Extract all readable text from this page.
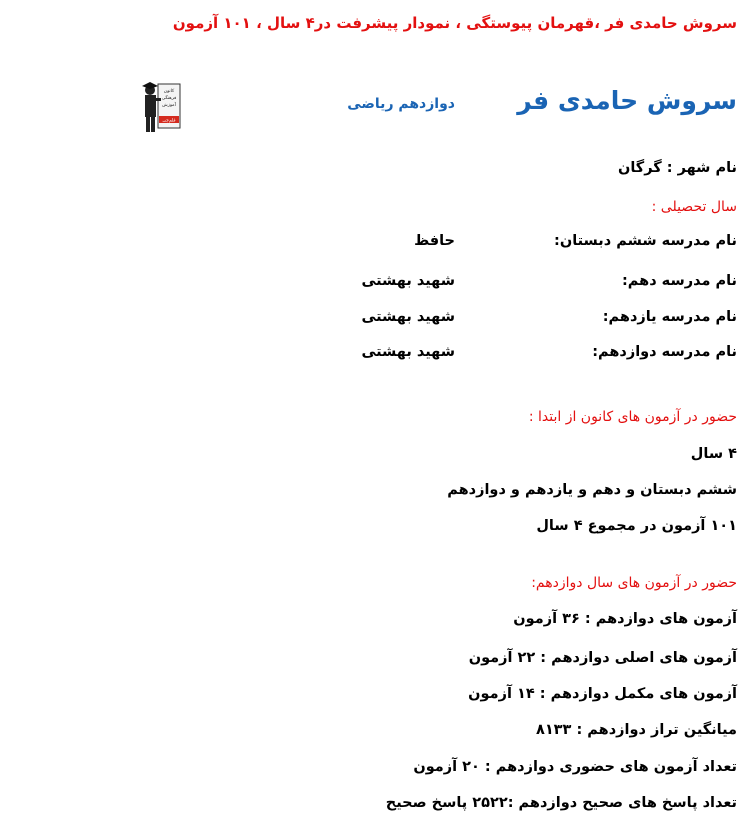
سروش حامدی فر ،قهرمان پیوستگی ، نمودار پیشرفت در۴ سال ، ۱۰۱ آزمون
سروش حامدی فر
دوازدهم ریاضی
کانون
فرهنگی
آموزش
قلم‌چی
نام شهر : گرگان
سال تحصیلی :
نام مدرسه ششم دبستان:
حافظ
نام مدرسه دهم:
شهید بهشتی
نام مدرسه یازدهم:
شهید بهشتی
نام مدرسه دوازدهم:
شهید بهشتی
حضور در آزمون های کانون از ابتدا :
۴ سال
ششم دبستان و دهم و یازدهم و دوازدهم
۱۰۱ آزمون در مجموع ۴ سال
حضور در آزمون های سال دوازدهم:
آزمون های دوازدهم : ۳۶ آزمون
آزمون های اصلی دوازدهم : ۲۲ آزمون
آزمون های مکمل دوازدهم : ۱۴ آزمون
میانگین تراز دوازدهم : ۸۱۳۳
تعداد آزمون های حضوری دوازدهم : ۲۰ آزمون
تعداد پاسخ های صحیح دوازدهم :۲۵۲۲ پاسخ صحیح
